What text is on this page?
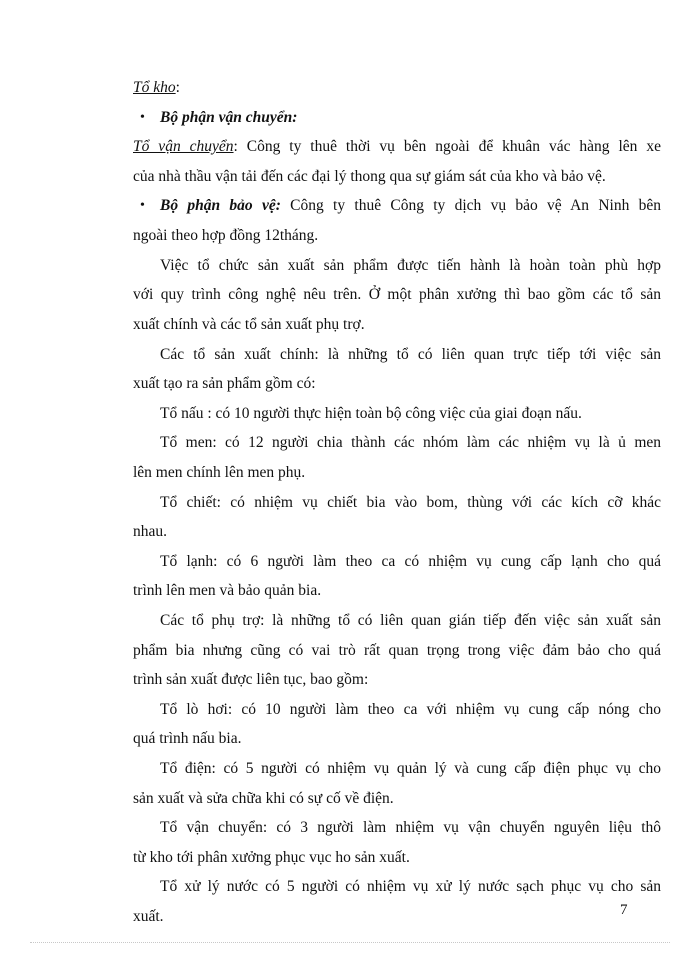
Tổ kho:
• Bộ phận vận chuyển:
Tổ vận chuyển: Công ty thuê thời vụ bên ngoài để khuân vác hàng lên xe
của nhà thầu vận tải đến các đại lý thong qua sự giám sát của kho và bảo vệ.
• Bộ phận bảo vệ: Công ty thuê Công ty dịch vụ bảo vệ An Ninh bên
ngoài theo hợp đồng 12tháng.
Việc tổ chức sản xuất sản phẩm được tiến hành là hoàn toàn phù hợp
với quy trình công nghệ nêu trên. Ở một phân xưởng thì bao gồm các tổ sản
xuất chính và các tổ sản xuất phụ trợ.
Các tổ sản xuất chính: là những tổ có liên quan trực tiếp tới việc sản
xuất tạo ra sản phẩm gồm có:
Tổ nấu : có 10 người thực hiện toàn bộ công việc của giai đoạn nấu.
Tổ men: có 12 người chia thành các nhóm làm các nhiệm vụ là ủ men
lên men chính lên men phụ.
Tổ chiết: có nhiệm vụ chiết bia vào bom, thùng với các kích cỡ khác
nhau.
Tổ lạnh: có 6 người làm theo ca có nhiệm vụ cung cấp lạnh cho quá
trình lên men và bảo quản bia.
Các tổ phụ trợ: là những tổ có liên quan gián tiếp đến việc sản xuất sản
phẩm bia nhưng cũng có vai trò rất quan trọng trong việc đảm bảo cho quá
trình sản xuất được liên tục, bao gồm:
Tổ lò hơi: có 10 người làm theo ca với nhiệm vụ cung cấp nóng cho
quá trình nấu bia.
Tổ điện: có 5 người có nhiệm vụ quản lý và cung cấp điện phục vụ cho
sản xuất và sửa chữa khi có sự cố về điện.
Tổ vận chuyển: có 3 người làm nhiệm vụ vận chuyển nguyên liệu thô
từ kho tới phân xưởng phục vục ho sản xuất.
Tổ xử lý nước có 5 người có nhiệm vụ xử lý nước sạch phục vụ cho sản
xuất.	7
